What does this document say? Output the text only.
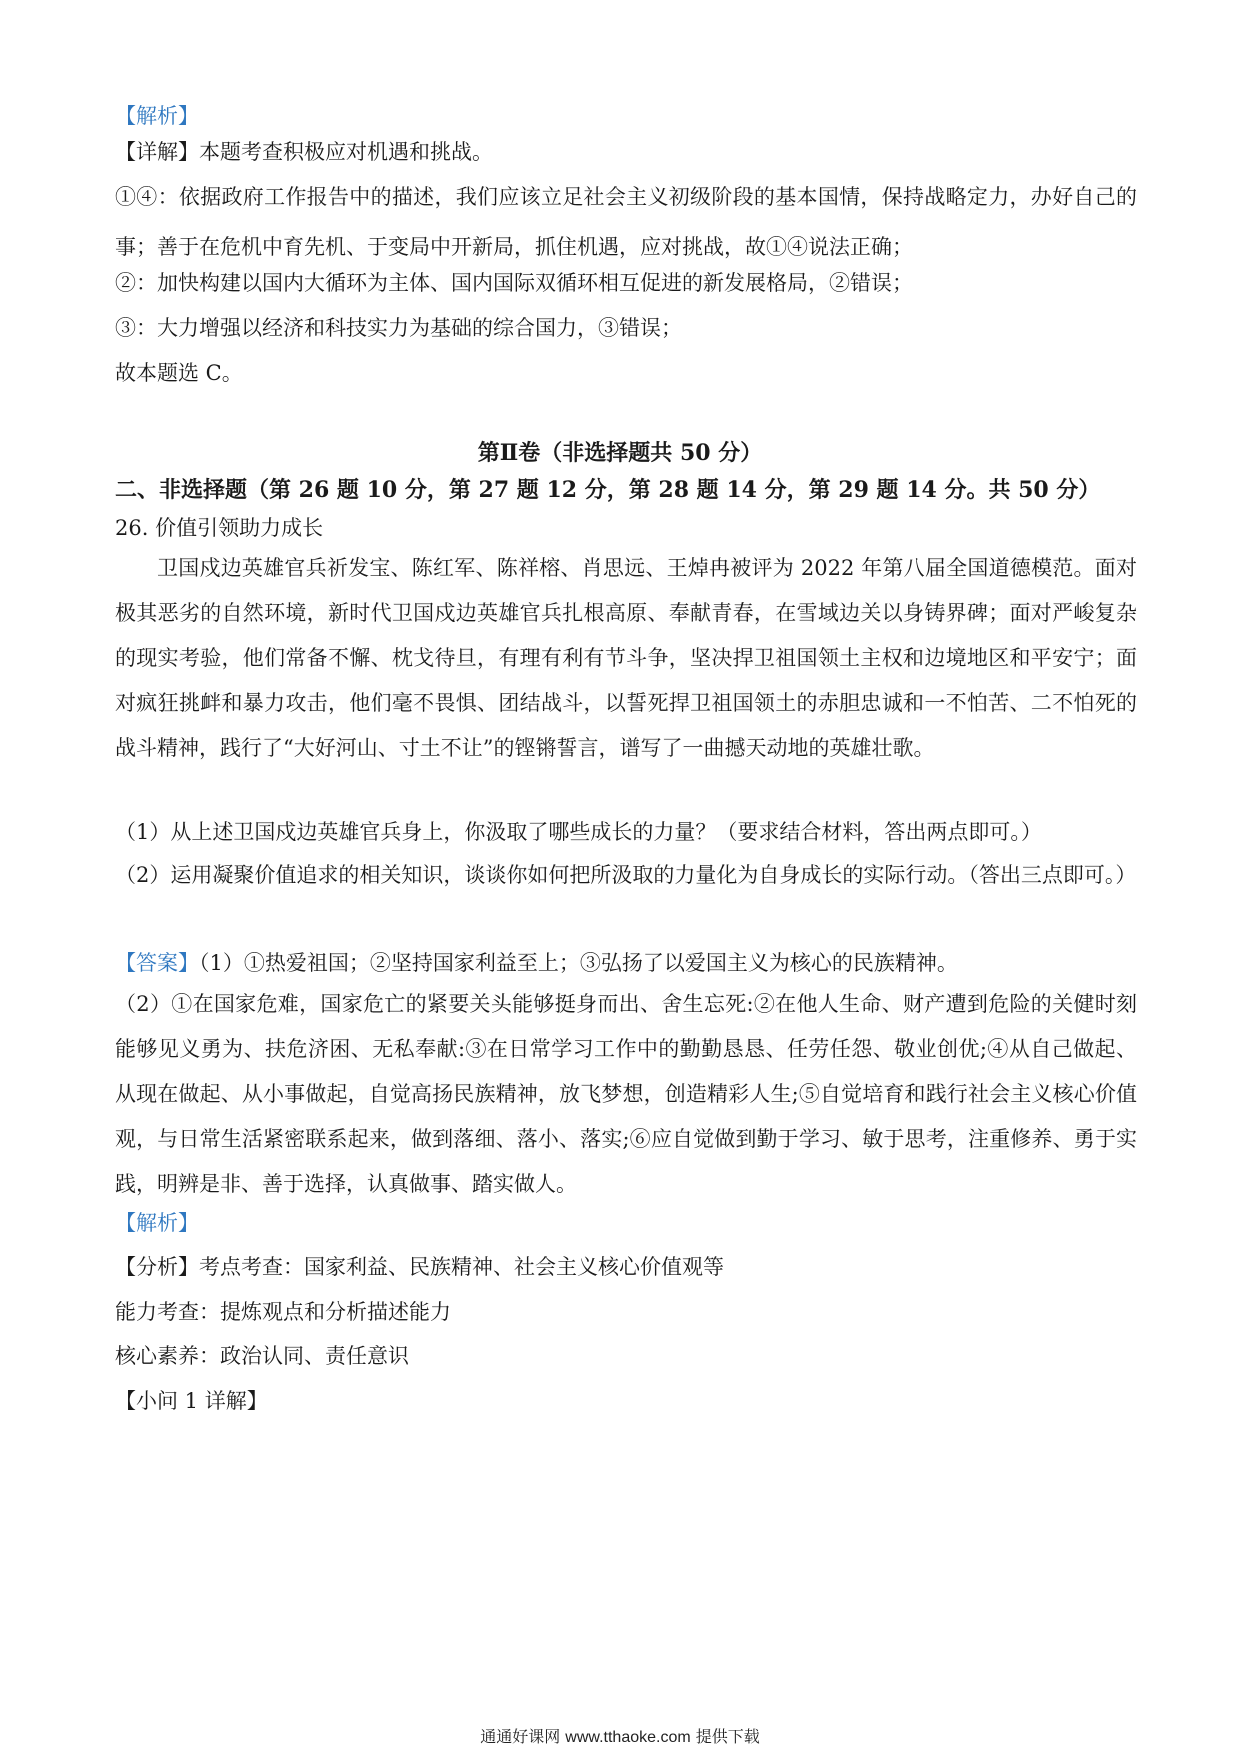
【解析】
【详解】本题考查积极应对机遇和挑战。
①④：依据政府工作报告中的描述，我们应该立足社会主义初级阶段的基本国情，保持战略定力，办好自己的事；善于在危机中育先机、于变局中开新局，抓住机遇，应对挑战，故①④说法正确；
②：加快构建以国内大循环为主体、国内国际双循环相互促进的新发展格局，②错误；
③：大力增强以经济和科技实力为基础的综合国力，③错误；
故本题选 C。
第Ⅱ卷（非选择题共 50 分）
二、非选择题（第 26 题 10 分，第 27 题 12 分，第 28 题 14 分，第 29 题 14 分。共 50 分）
26. 价值引领助力成长
卫国戍边英雄官兵祈发宝、陈红军、陈祥榕、肖思远、王焯冉被评为 2022 年第八届全国道德模范。面对极其恶劣的自然环境，新时代卫国戍边英雄官兵扎根高原、奉献青春，在雪域边关以身铸界碑；面对严峻复杂的现实考验，他们常备不懈、枕戈待旦，有理有利有节斗争，坚决捍卫祖国领土主权和边境地区和平安宁；面对疯狂挑衅和暴力攻击，他们毫不畏惧、团结战斗，以誓死捍卫祖国领土的赤胆忠诚和一不怕苦、二不怕死的战斗精神，践行了“大好河山、寸土不让”的铿锵誓言，谱写了一曲撼天动地的英雄壮歌。
（1）从上述卫国戍边英雄官兵身上，你汲取了哪些成长的力量？（要求结合材料，答出两点即可。）
（2）运用凝聚价值追求的相关知识，谈谈你如何把所汲取的力量化为自身成长的实际行动。（答出三点即可。）
【答案】（1）①热爱祖国；②坚持国家利益至上；③弘扬了以爱国主义为核心的民族精神。
（2）①在国家危难，国家危亡的紧要关头能够挺身而出、舍生忘死:②在他人生命、财产遭到危险的关健时刻能够见义勇为、扶危济困、无私奉献:③在日常学习工作中的勤勤恳恳、任劳任怨、敬业创优;④从自己做起、从现在做起、从小事做起，自觉高扬民族精神，放飞梦想，创造精彩人生;⑤自觉培育和践行社会主义核心价值观，与日常生活紧密联系起来，做到落细、落小、落实;⑥应自觉做到勤于学习、敏于思考，注重修养、勇于实践，明辨是非、善于选择，认真做事、踏实做人。
【解析】
【分析】考点考查：国家利益、民族精神、社会主义核心价值观等
能力考查：提炼观点和分析描述能力
核心素养：政治认同、责任意识
【小问 1 详解】
通通好课网 www.tthaoke.com 提供下载
